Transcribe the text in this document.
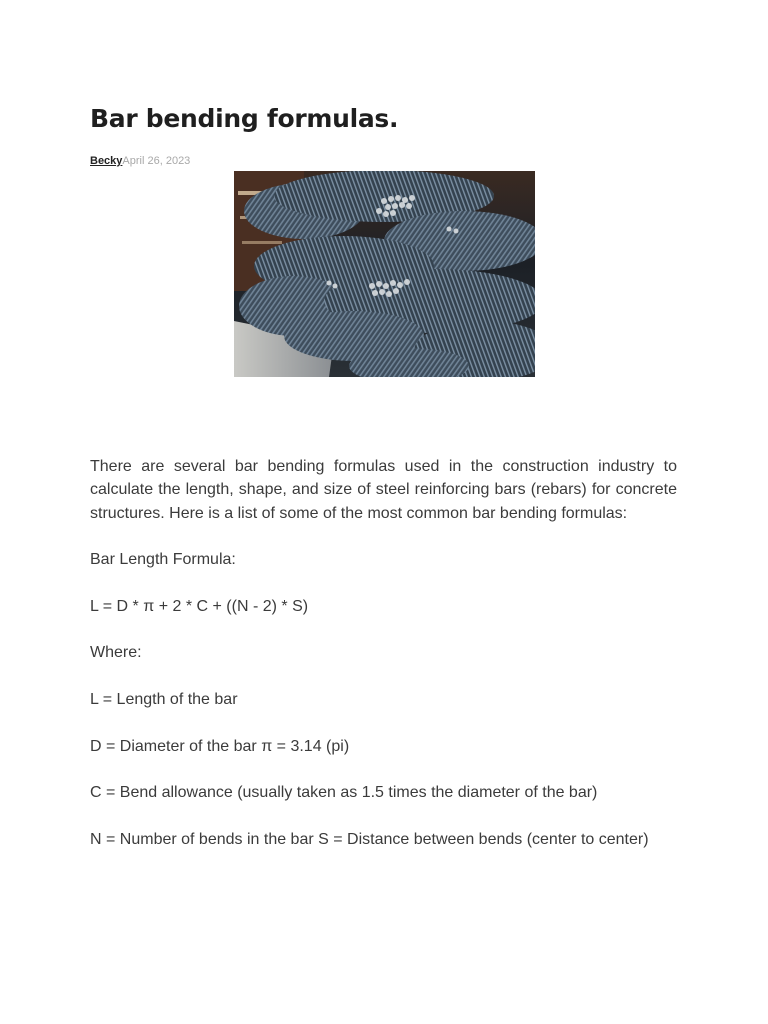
Bar bending formulas.
BeckyApril 26, 2023

There are several bar bending formulas used in the construction industry to calculate the length, shape, and size of steel reinforcing bars (rebars) for concrete structures. Here is a list of some of the most common bar bending formulas:

Bar Length Formula:

L = D * π + 2 * C + ((N - 2) * S)

Where:

L = Length of the bar

D = Diameter of the bar π = 3.14 (pi)

C = Bend allowance (usually taken as 1.5 times the diameter of the bar)

N = Number of bends in the bar S = Distance between bends (center to center)
